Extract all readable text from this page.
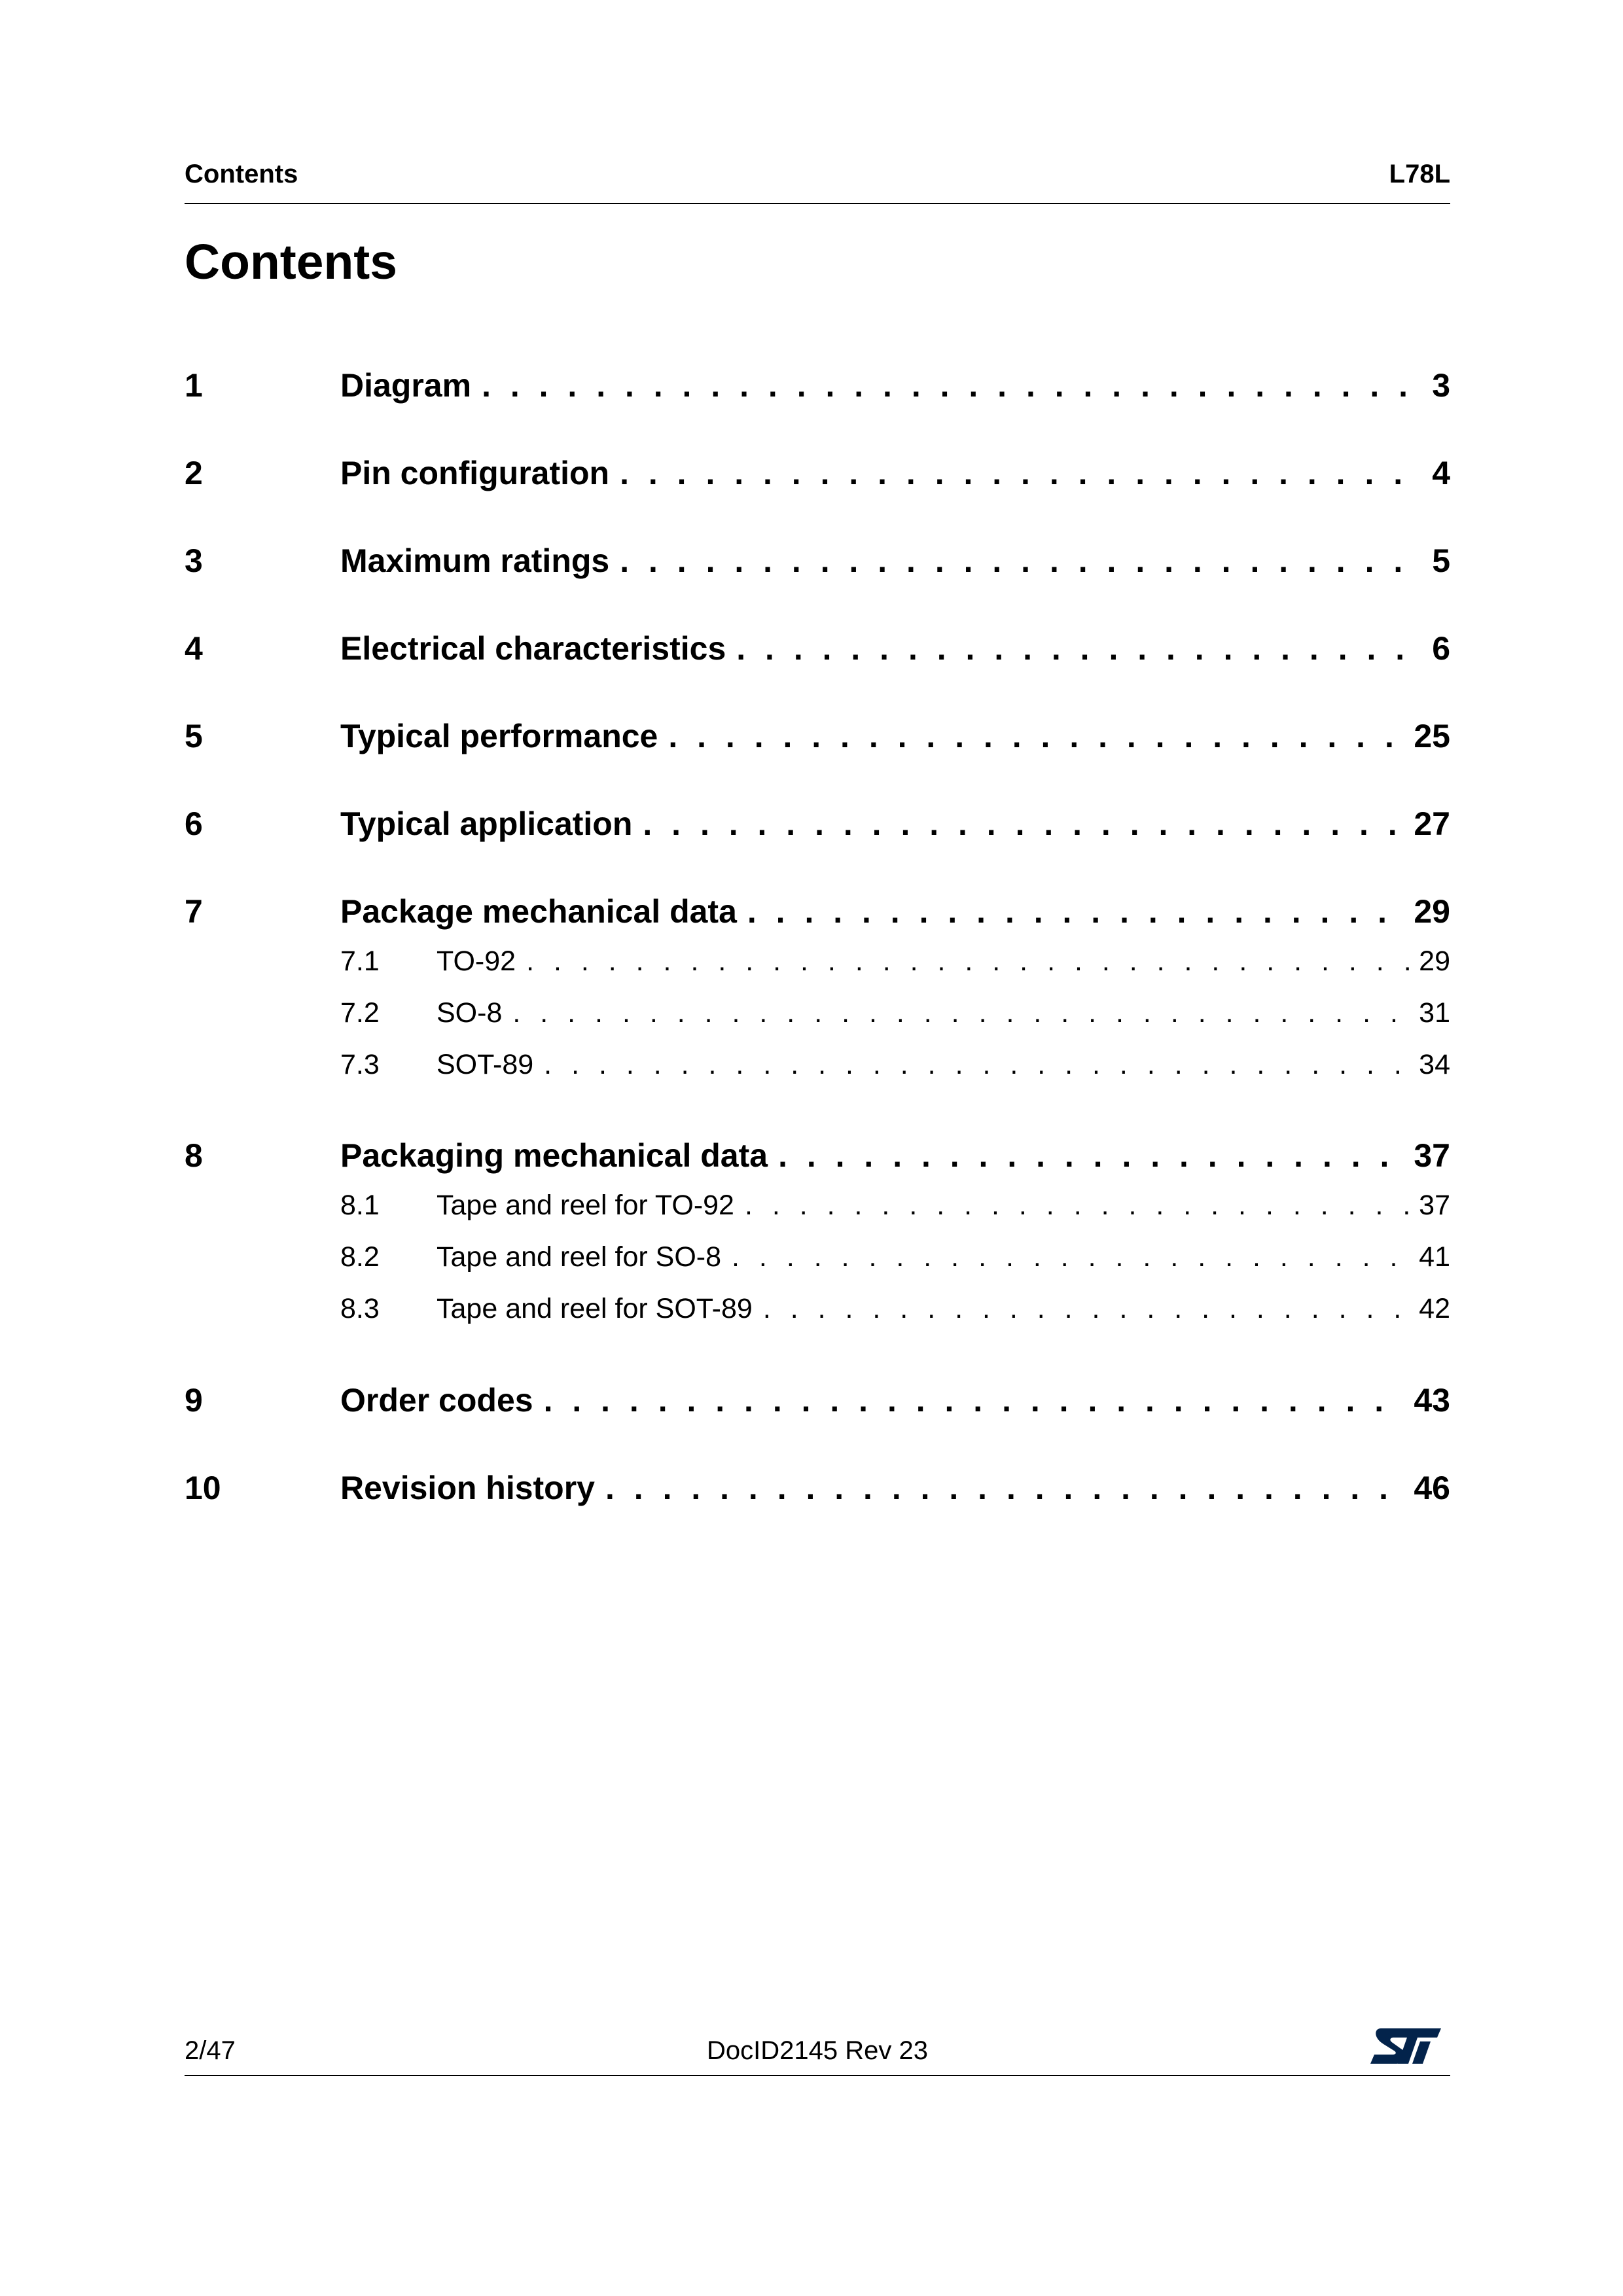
Contents	L78L
Contents
1	Diagram . . .	3
2	Pin configuration . . .	4
3	Maximum ratings . . .	5
4	Electrical characteristics . . .	6
5	Typical performance . . .	25
6	Typical application . . .	27
7	Package mechanical data . . .	29
7.1	TO-92 . . .	29
7.2	SO-8 . . .	31
7.3	SOT-89 . . .	34
8	Packaging mechanical data . . .	37
8.1	Tape and reel for TO-92 . . .	37
8.2	Tape and reel for SO-8 . . .	41
8.3	Tape and reel for SOT-89 . . .	42
9	Order codes . . .	43
10	Revision history . . .	46
2/47	DocID2145 Rev 23
